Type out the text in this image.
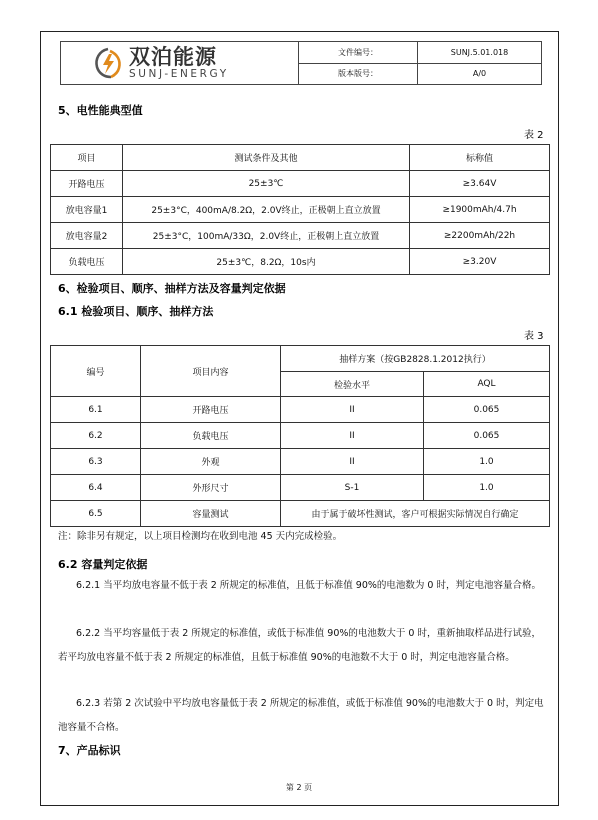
双泊能源
SUNJ-ENERGY	文件编号：	SUNJ.5.01.018
	版本版号：	A/0
5、电性能典型值
表 2
项目	测试条件及其他	标称值
开路电压	25±3℃	≥3.64V
放电容量1	25±3°C，400mA/8.2Ω，2.0V终止，正极朝上直立放置	≥1900mAh/4.7h
放电容量2	25±3°C，100mA/33Ω，2.0V终止，正极朝上直立放置	≥2200mAh/22h
负载电压	25±3℃，8.2Ω，10s内	≥3.20V
6、检验项目、顺序、抽样方法及容量判定依据
6.1 检验项目、顺序、抽样方法
表 3
编号	项目内容	抽样方案（按GB2828.1.2012执行）	
		检验水平	AQL
6.1	开路电压	II	0.065
6.2	负载电压	II	0.065
6.3	外观	II	1.0
6.4	外形尺寸	S-1	1.0
6.5	容量测试	由于属于破坏性测试，客户可根据实际情况自行确定	
注：除非另有规定，以上项目检测均在收到电池 45 天内完成检验。
6.2 容量判定依据
6.2.1 当平均放电容量不低于表 2 所规定的标准值，且低于标准值 90%的电池数为 0 时，判定电池容量合格。
6.2.2 当平均容量低于表 2 所规定的标准值，或低于标准值 90%的电池数大于 0 时，重新抽取样品进行试验，若平均放电容量不低于表 2 所规定的标准值，且低于标准值 90%的电池数不大于 0 时，判定电池容量合格。
6.2.3 若第 2 次试验中平均放电容量低于表 2 所规定的标准值，或低于标准值 90%的电池数大于 0 时，判定电池容量不合格。
7、产品标识
第 2 页
